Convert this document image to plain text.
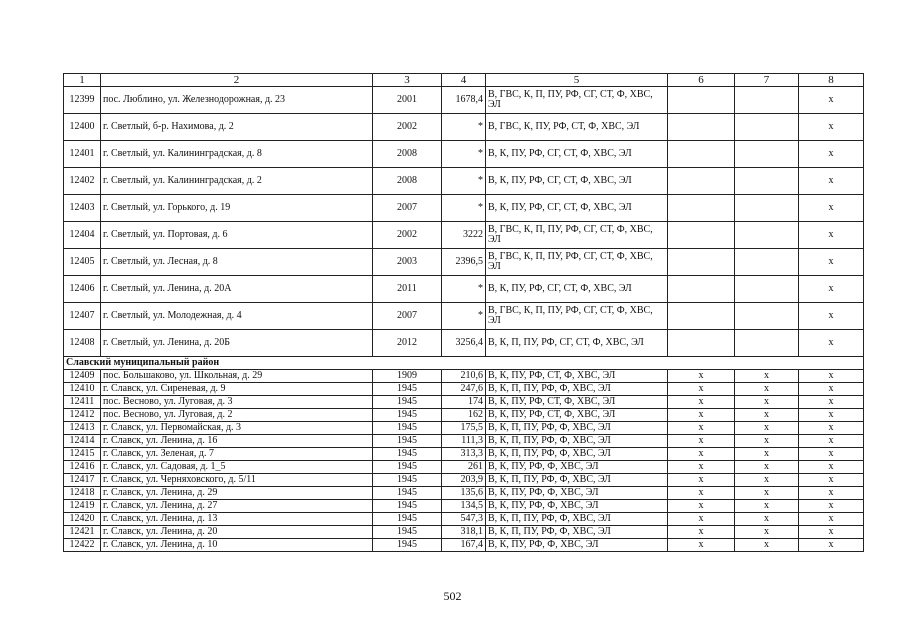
1	2	3	4	5	6	7	8
12399	пос. Люблино, ул. Железнодорожная, д. 23	2001	1678,4	В, ГВС, К, П, ПУ, РФ, СГ, СТ, Ф, ХВС, ЭЛ			x
12400	г. Светлый, б-р. Нахимова, д. 2	2002	*	В, ГВС, К, ПУ, РФ, СТ, Ф, ХВС, ЭЛ			x
12401	г. Светлый, ул. Калининградская, д. 8	2008	*	В, К, ПУ, РФ, СГ, СТ, Ф, ХВС, ЭЛ			x
12402	г. Светлый, ул. Калининградская, д. 2	2008	*	В, К, ПУ, РФ, СГ, СТ, Ф, ХВС, ЭЛ			x
12403	г. Светлый, ул. Горького, д. 19	2007	*	В, К, ПУ, РФ, СГ, СТ, Ф, ХВС, ЭЛ			x
12404	г. Светлый, ул. Портовая, д. 6	2002	3222	В, ГВС, К, П, ПУ, РФ, СГ, СТ, Ф, ХВС, ЭЛ			x
12405	г. Светлый, ул. Лесная, д. 8	2003	2396,5	В, ГВС, К, П, ПУ, РФ, СГ, СТ, Ф, ХВС, ЭЛ			x
12406	г. Светлый, ул. Ленина, д. 20А	2011	*	В, К, ПУ, РФ, СГ, СТ, Ф, ХВС, ЭЛ			x
12407	г. Светлый, ул. Молодежная, д. 4	2007	*	В, ГВС, К, П, ПУ, РФ, СГ, СТ, Ф, ХВС, ЭЛ			x
12408	г. Светлый, ул. Ленина, д. 20Б	2012	3256,4	В, К, П, ПУ, РФ, СГ, СТ, Ф, ХВС, ЭЛ			x
Славский муниципальный район							
12409	пос. Большаково, ул. Школьная, д. 29	1909	210,6	В, К, ПУ, РФ, СТ, Ф, ХВС, ЭЛ	x	x	x
12410	г. Славск, ул. Сиреневая, д. 9	1945	247,6	В, К, П, ПУ, РФ, Ф, ХВС, ЭЛ	x	x	x
12411	пос. Весново, ул. Луговая, д. 3	1945	174	В, К, ПУ, РФ, СТ, Ф, ХВС, ЭЛ	x	x	x
12412	пос. Весново, ул. Луговая, д. 2	1945	162	В, К, ПУ, РФ, СТ, Ф, ХВС, ЭЛ	x	x	x
12413	г. Славск, ул. Первомайская, д. 3	1945	175,5	В, К, П, ПУ, РФ, Ф, ХВС, ЭЛ	x	x	x
12414	г. Славск, ул. Ленина, д. 16	1945	111,3	В, К, П, ПУ, РФ, Ф, ХВС, ЭЛ	x	x	x
12415	г. Славск, ул. Зеленая, д. 7	1945	313,3	В, К, П, ПУ, РФ, Ф, ХВС, ЭЛ	x	x	x
12416	г. Славск, ул. Садовая, д. 1_5	1945	261	В, К, ПУ, РФ, Ф, ХВС, ЭЛ	x	x	x
12417	г. Славск, ул. Черняховского, д. 5/11	1945	203,9	В, К, П, ПУ, РФ, Ф, ХВС, ЭЛ	x	x	x
12418	г. Славск, ул. Ленина, д. 29	1945	135,6	В, К, ПУ, РФ, Ф, ХВС, ЭЛ	x	x	x
12419	г. Славск, ул. Ленина, д. 27	1945	134,5	В, К, ПУ, РФ, Ф, ХВС, ЭЛ	x	x	x
12420	г. Славск, ул. Ленина, д. 13	1945	547,3	В, К, П, ПУ, РФ, Ф, ХВС, ЭЛ	x	x	x
12421	г. Славск, ул. Ленина, д. 20	1945	318,1	В, К, П, ПУ, РФ, Ф, ХВС, ЭЛ	x	x	x
12422	г. Славск, ул. Ленина, д. 10	1945	167,4	В, К, ПУ, РФ, Ф, ХВС, ЭЛ	x	x	x
502
